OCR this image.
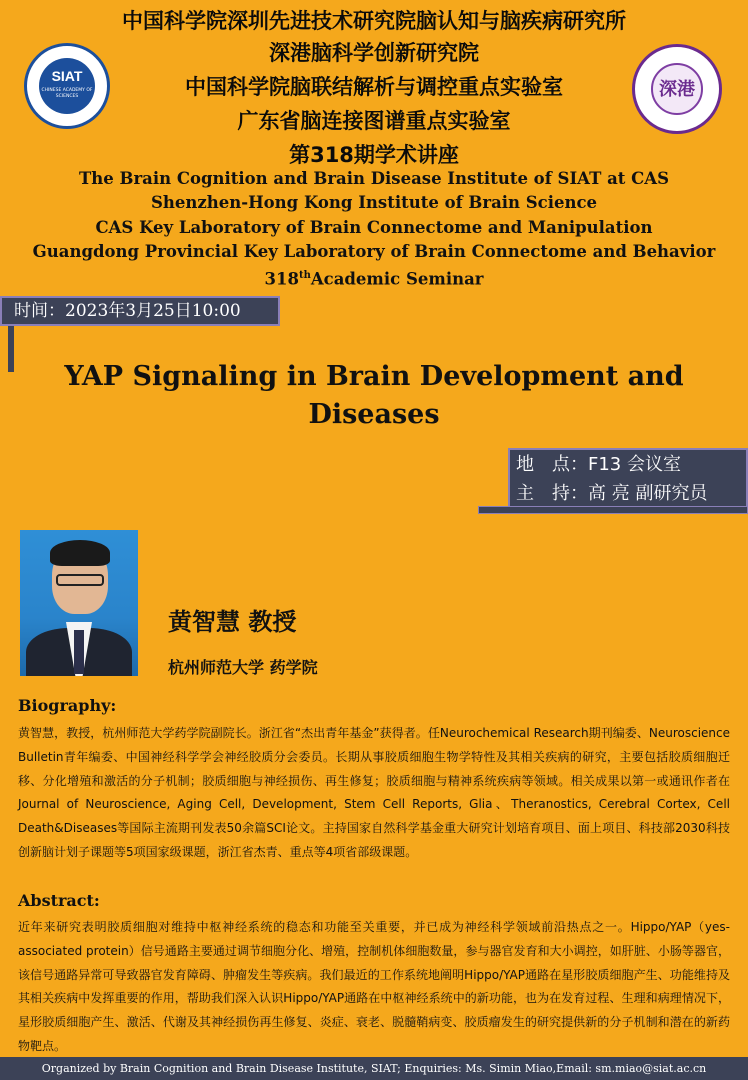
中国科学院深圳先进技术研究院脑认知与脑疾病研究所
深港脑科学创新研究院
中国科学院脑联结解析与调控重点实验室
广东省脑连接图谱重点实验室
第318期学术讲座
The Brain Cognition and Brain Disease Institute of SIAT at CAS
Shenzhen-Hong Kong Institute of Brain Science
CAS Key Laboratory of Brain Connectome and Manipulation
Guangdong Provincial Key Laboratory of Brain Connectome and Behavior
318thAcademic Seminar
SIAT
CHINESE ACADEMY OF SCIENCES	深港
时间：2023年3月25日10:00
YAP Signaling in Brain Development and
Diseases
地　点：F13 会议室
主　持：高 亮 副研究员
黄智慧 教授
杭州师范大学 药学院
Biography:
黄智慧，教授，杭州师范大学药学院副院长。浙江省“杰出青年基金”获得者。任Neurochemical Research期刊编委、Neuroscience Bulletin青年编委、中国神经科学学会神经胶质分会委员。长期从事胶质细胞生物学特性及其相关疾病的研究，主要包括胶质细胞迁移、分化增殖和激活的分子机制；胶质细胞与神经损伤、再生修复；胶质细胞与精神系统疾病等领域。相关成果以第一或通讯作者在Journal of Neuroscience, Aging Cell, Development, Stem Cell Reports, Glia、Theranostics, Cerebral Cortex, Cell Death&Diseases等国际主流期刊发表50余篇SCI论文。主持国家自然科学基金重大研究计划培育项目、面上项目、科技部2030科技创新脑计划子课题等5项国家级课题，浙江省杰青、重点等4项省部级课题。
Abstract:
近年来研究表明胶质细胞对维持中枢神经系统的稳态和功能至关重要，并已成为神经科学领域前沿热点之一。Hippo/YAP（yes-associated protein）信号通路主要通过调节细胞分化、增殖，控制机体细胞数量，参与器官发育和大小调控，如肝脏、小肠等器官，该信号通路异常可导致器官发育障碍、肿瘤发生等疾病。我们最近的工作系统地阐明Hippo/YAP通路在星形胶质细胞产生、功能维持及其相关疾病中发挥重要的作用，帮助我们深入认识Hippo/YAP通路在中枢神经系统中的新功能，也为在发育过程、生理和病理情况下，星形胶质细胞产生、激活、代谢及其神经损伤再生修复、炎症、衰老、脱髓鞘病变、胶质瘤发生的研究提供新的分子机制和潜在的新药物靶点。
Organized by Brain Cognition and Brain Disease Institute, SIAT; Enquiries: Ms. Simin Miao,Email: sm.miao@siat.ac.cn
